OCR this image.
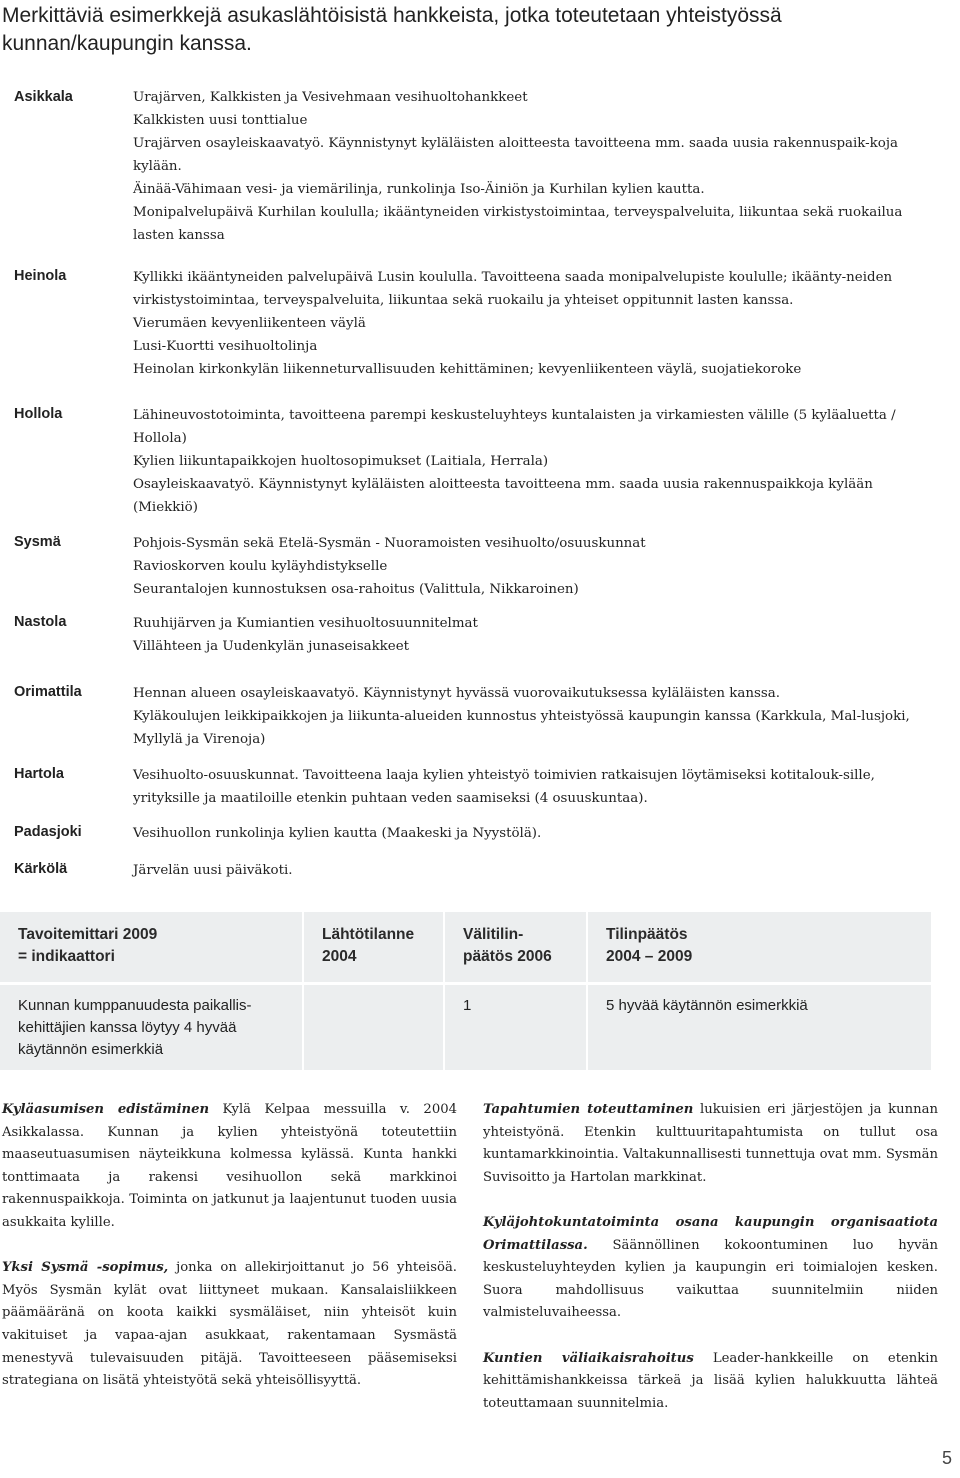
Merkittäviä esimerkkejä asukaslähtöisistä hankkeista, jotka toteutetaan yhteistyössä kunnan/kaupungin kanssa.
Asikkala
Heinola
Hollola
Sysmä
Nastola
Orimattila
Hartola
Padasjoki
Kärkölä
Urajärven, Kalkkisten ja Vesivehmaan vesihuoltohankkeet
Kalkkisten uusi tonttialue
Urajärven osayleiskaavatyö. Käynnistynyt kyläläisten aloitteesta tavoitteena mm. saada uusia rakennuspaik-koja kylään.
Äinää-Vähimaan vesi- ja viemärilinja, runkolinja Iso-Äiniön ja Kurhilan kylien kautta.
Monipalvelupäivä Kurhilan koululla; ikääntyneiden virkistystoimintaa, terveyspalveluita, liikuntaa sekä ruokailua lasten kanssa
Kyllikki ikääntyneiden palvelupäivä Lusin koululla. Tavoitteena saada monipalvelupiste koululle; ikäänty-neiden virkistystoimintaa, terveyspalveluita, liikuntaa sekä ruokailu ja yhteiset oppitunnit lasten kanssa.
Vierumäen kevyenliikenteen väylä
Lusi-Kuortti vesihuoltolinja
Heinolan kirkonkylän liikenneturvallisuuden kehittäminen; kevyenliikenteen väylä, suojatiekoroke
Lähineuvostotoiminta, tavoitteena parempi keskusteluyhteys kuntalaisten ja virkamiesten välille (5 kyläaluetta / Hollola)
Kylien liikuntapaikkojen huoltosopimukset (Laitiala, Herrala)
Osayleiskaavatyö. Käynnistynyt kyläläisten aloitteesta tavoitteena mm. saada uusia rakennuspaikkoja kylään (Miekkiö)
Pohjois-Sysmän sekä Etelä-Sysmän - Nuoramoisten vesihuolto/osuuskunnat
Ravioskorven koulu kyläyhdistykselle
Seurantalojen kunnostuksen osa-rahoitus (Valittula, Nikkaroinen)
Ruuhijärven ja Kumiantien vesihuoltosuunnitelmat
Villähteen ja Uudenkylän junaseisakkeet
Hennan alueen osayleiskaavatyö. Käynnistynyt hyvässä vuorovaikutuksessa kyläläisten kanssa.
Kyläkoulujen leikkipaikkojen ja liikunta-alueiden kunnostus yhteistyössä kaupungin kanssa (Karkkula, Mal-lusjoki, Myllylä ja Virenoja)
Vesihuolto-osuuskunnat. Tavoitteena laaja kylien yhteistyö toimivien ratkaisujen löytämiseksi kotitalouk-sille, yrityksille ja maatiloille etenkin puhtaan veden saamiseksi (4 osuuskuntaa).
Vesihuollon runkolinja kylien kautta (Maakeski ja Nyystölä).
Järvelän uusi päiväkoti.
Tavoitemittari 2009
= indikaattori
Lähtötilanne
2004
Välitilin-
päätös 2006
Tilinpäätös
2004 – 2009
Kunnan kumppanuudesta paikallis-
kehittäjien kanssa löytyy 4 hyvää
käytännön esimerkkiä
1	5 hyvää käytännön esimerkkiä

Kyläasumisen edistäminen Kylä Kelpaa messuilla v. 2004 Asikkalassa. Kunnan ja kylien yhteistyönä toteutettiin maaseutuasumisen näyteikkuna kolmessa kylässä. Kunta hankki tonttimaata ja rakensi vesihuollon sekä markkinoi rakennuspaikkoja. Toiminta on jatkunut ja laajentunut tuoden uusia asukkaita kylille.

Yksi Sysmä -sopimus, jonka on allekirjoittanut jo 56 yhteisöä. Myös Sysmän kylät ovat liittyneet mukaan. Kansalaisliikkeen päämääränä on koota kaikki sysmäläiset, niin yhteisöt kuin vakituiset ja vapaa-ajan asukkaat, rakentamaan Sysmästä menestyvä tulevaisuuden pitäjä. Tavoitteeseen pääsemiseksi strategiana on lisätä yhteistyötä sekä yhteisöllisyyttä.

Tapahtumien toteuttaminen lukuisien eri järjestöjen ja kunnan yhteistyönä. Etenkin kulttuuritapahtumista on tullut osa kuntamarkkinointia. Valtakunnallisesti tunnettuja ovat mm. Sysmän Suvisoitto ja Hartolan markkinat.

Kyläjohtokuntatoiminta osana kaupungin organisaatiota Orimattilassa. Säännöllinen kokoontuminen luo hyvän keskusteluyhteyden kylien ja kaupungin eri toimialojen kesken. Suora mahdollisuus vaikuttaa suunnitelmiin niiden valmisteluvaiheessa.

Kuntien väliaikaisrahoitus Leader-hankkeille on etenkin kehittämishankkeissa tärkeä ja lisää kylien halukkuutta lähteä toteuttamaan suunnitelmia.

5
